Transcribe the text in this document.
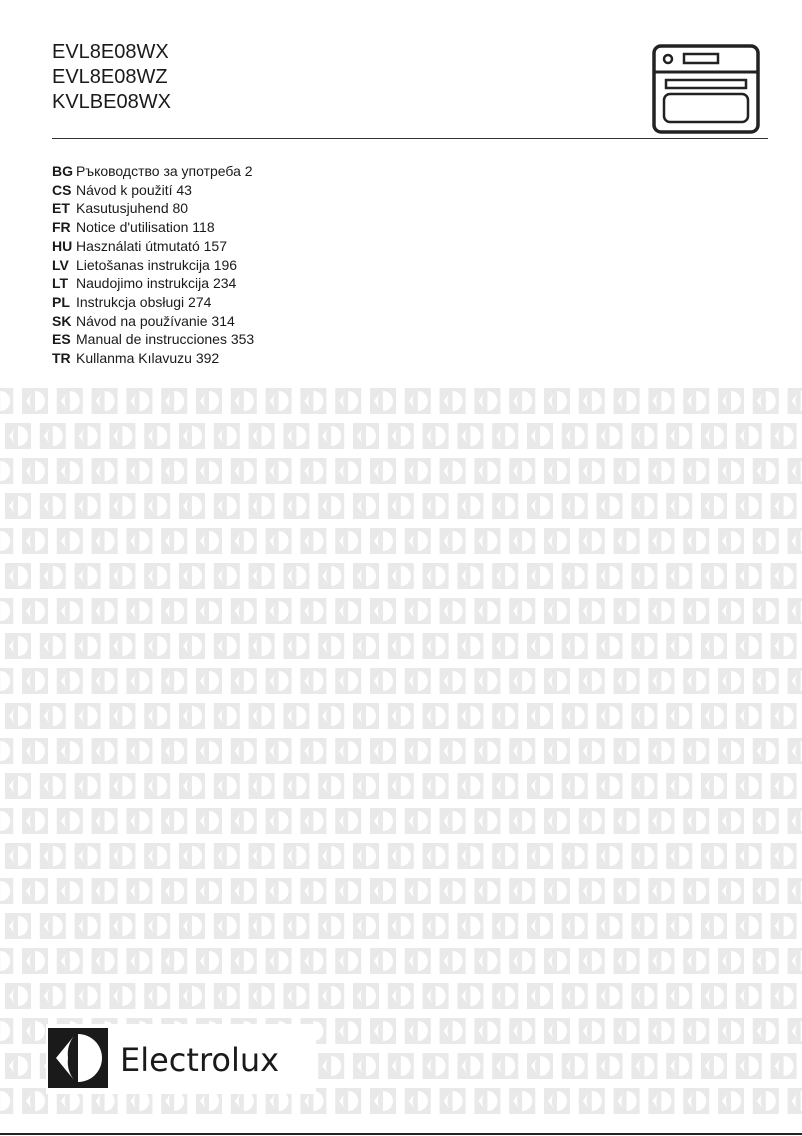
EVL8E08WX
EVL8E08WZ
KVLBE08WX
BG Ръководство за употреба 2
CS Návod k použití 43
ET Kasutusjuhend 80
FR Notice d'utilisation 118
HU Használati útmutató 157
LV Lietošanas instrukcija 196
LT Naudojimo instrukcija 234
PL Instrukcja obsługi 274
SK Návod na používanie 314
ES Manual de instrucciones 353
TR Kullanma Kılavuzu 392
Electrolux
